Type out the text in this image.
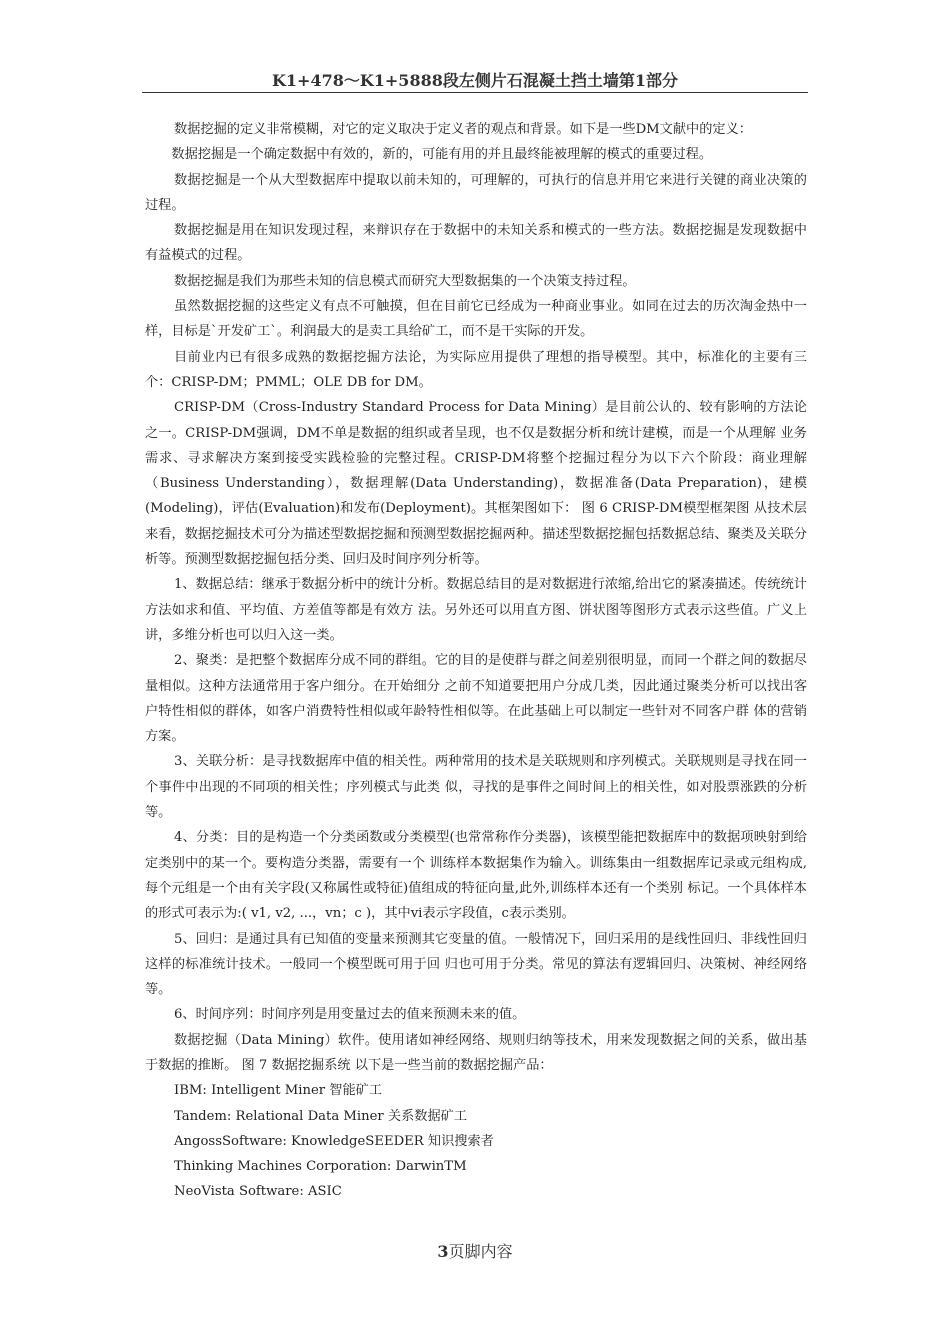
K1+478～K1+5888段左侧片石混凝土挡土墙第1部分

数据挖掘的定义非常模糊，对它的定义取决于定义者的观点和背景。如下是一些DM文献中的定义：

数据挖掘是一个确定数据中有效的，新的，可能有用的并且最终能被理解的模式的重要过程。

数据挖掘是一个从大型数据库中提取以前未知的，可理解的，可执行的信息并用它来进行关键的商业决策的过程。

数据挖掘是用在知识发现过程，来辩识存在于数据中的未知关系和模式的一些方法。数据挖掘是发现数据中有益模式的过程。

数据挖掘是我们为那些未知的信息模式而研究大型数据集的一个决策支持过程。

虽然数据挖掘的这些定义有点不可触摸，但在目前它已经成为一种商业事业。如同在过去的历次淘金热中一样，目标是`开发矿工`。利润最大的是卖工具给矿工，而不是干实际的开发。

目前业内已有很多成熟的数据挖掘方法论，为实际应用提供了理想的指导模型。其中，标准化的主要有三个：CRISP-DM；PMML；OLE DB for DM。

CRISP-DM（Cross-Industry Standard Process for Data Mining）是目前公认的、较有影响的方法论之一。CRISP-DM强调，DM不单是数据的组织或者呈现，也不仅是数据分析和统计建模，而是一个从理解 业务需求、寻求解决方案到接受实践检验的完整过程。CRISP-DM将整个挖掘过程分为以下六个阶段：商业理解（Business Understanding），数据理解(Data Understanding)，数据准备(Data Preparation)，建模(Modeling)，评估(Evaluation)和发布(Deployment)。其框架图如下： 图 6 CRISP-DM模型框架图 从技术层来看，数据挖掘技术可分为描述型数据挖掘和预测型数据挖掘两种。描述型数据挖掘包括数据总结、聚类及关联分析等。预测型数据挖掘包括分类、回归及时间序列分析等。

1、数据总结：继承于数据分析中的统计分析。数据总结目的是对数据进行浓缩,给出它的紧凑描述。传统统计方法如求和值、平均值、方差值等都是有效方 法。另外还可以用直方图、饼状图等图形方式表示这些值。广义上讲，多维分析也可以归入这一类。

2、聚类：是把整个数据库分成不同的群组。它的目的是使群与群之间差别很明显，而同一个群之间的数据尽量相似。这种方法通常用于客户细分。在开始细分 之前不知道要把用户分成几类，因此通过聚类分析可以找出客户特性相似的群体，如客户消费特性相似或年龄特性相似等。在此基础上可以制定一些针对不同客户群 体的营销方案。

3、关联分析：是寻找数据库中值的相关性。两种常用的技术是关联规则和序列模式。关联规则是寻找在同一个事件中出现的不同项的相关性；序列模式与此类 似，寻找的是事件之间时间上的相关性，如对股票涨跌的分析等。

4、分类：目的是构造一个分类函数或分类模型(也常常称作分类器)，该模型能把数据库中的数据项映射到给定类别中的某一个。要构造分类器，需要有一个 训练样本数据集作为输入。训练集由一组数据库记录或元组构成,每个元组是一个由有关字段(又称属性或特征)值组成的特征向量,此外,训练样本还有一个类别 标记。一个具体样本的形式可表示为:( v1, v2, ...，vn；c )，其中vi表示字段值，c表示类别。

5、回归：是通过具有已知值的变量来预测其它变量的值。一般情况下，回归采用的是线性回归、非线性回归这样的标准统计技术。一般同一个模型既可用于回 归也可用于分类。常见的算法有逻辑回归、决策树、神经网络等。

6、时间序列：时间序列是用变量过去的值来预测未来的值。

数据挖掘（Data Mining）软件。使用诸如神经网络、规则归纳等技术，用来发现数据之间的关系，做出基于数据的推断。 图 7 数据挖掘系统 以下是一些当前的数据挖掘产品：

IBM: Intelligent Miner 智能矿工

Tandem: Relational Data Miner 关系数据矿工

AngossSoftware: KnowledgeSEEDER 知识搜索者

Thinking Machines Corporation: DarwinTM

NeoVista Software: ASIC

3页脚内容
